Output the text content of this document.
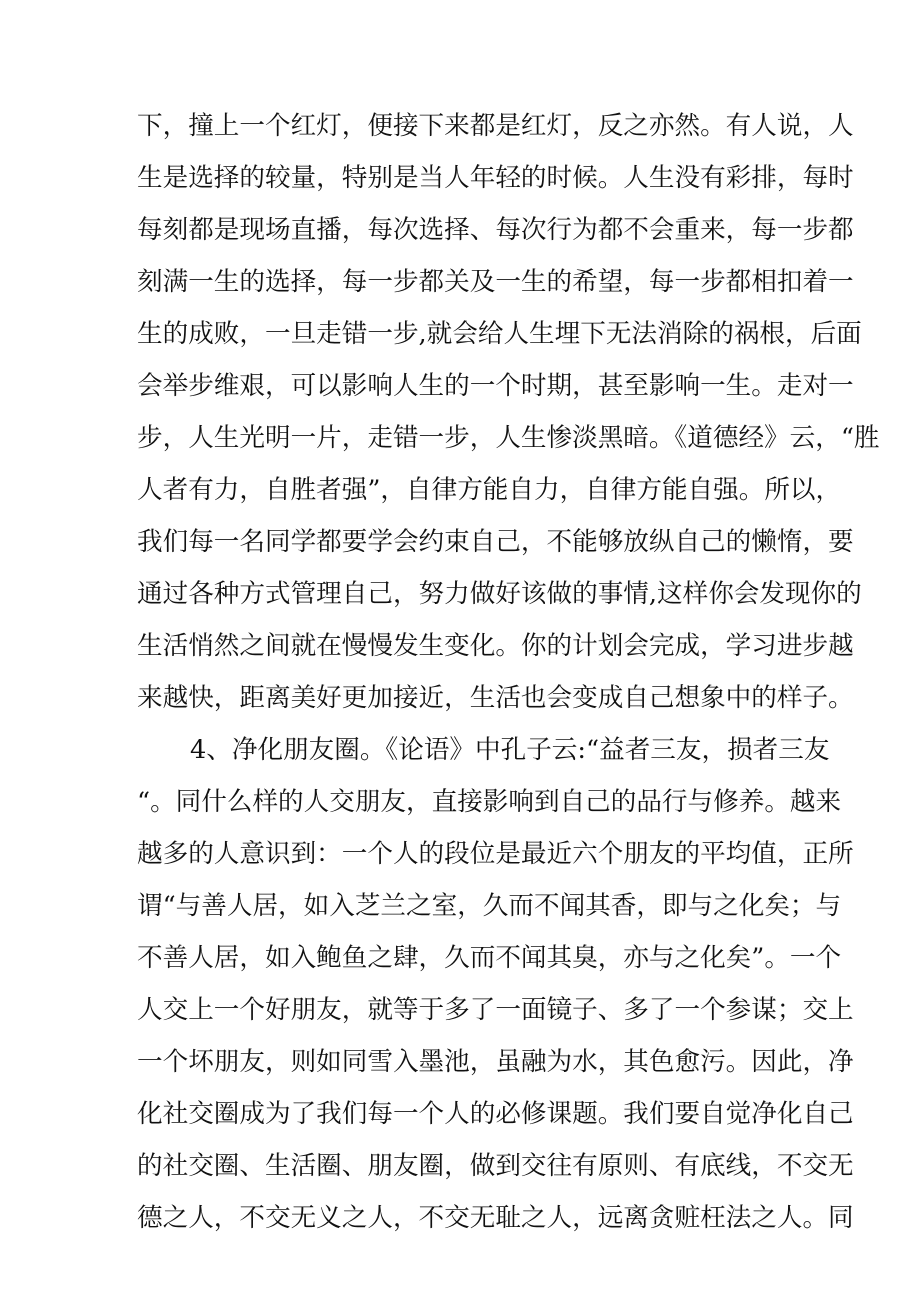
下，撞上一个红灯，便接下来都是红灯，反之亦然。有人说，人
生是选择的较量，特别是当人年轻的时候。人生没有彩排，每时
每刻都是现场直播，每次选择、每次行为都不会重来，每一步都
刻满一生的选择，每一步都关及一生的希望，每一步都相扣着一
生的成败，一旦走错一步,就会给人生埋下无法消除的祸根，后面
会举步维艰，可以影响人生的一个时期，甚至影响一生。走对一
步，人生光明一片，走错一步，人生惨淡黑暗。《道德经》云，“胜
人者有力，自胜者强”，自律方能自力，自律方能自强。所以，
我们每一名同学都要学会约束自己，不能够放纵自己的懒惰，要
通过各种方式管理自己，努力做好该做的事情,这样你会发现你的
生活悄然之间就在慢慢发生变化。你的计划会完成，学习进步越
来越快，距离美好更加接近，生活也会变成自己想象中的样子。
4、净化朋友圈。《论语》中孔子云:“益者三友，损者三友
“。同什么样的人交朋友，直接影响到自己的品行与修养。越来
越多的人意识到：一个人的段位是最近六个朋友的平均值，正所
谓“与善人居，如入芝兰之室，久而不闻其香，即与之化矣；与
不善人居，如入鲍鱼之肆，久而不闻其臭，亦与之化矣”。一个
人交上一个好朋友，就等于多了一面镜子、多了一个参谋；交上
一个坏朋友，则如同雪入墨池，虽融为水，其色愈污。因此，净
化社交圈成为了我们每一个人的必修课题。我们要自觉净化自己
的社交圈、生活圈、朋友圈，做到交往有原则、有底线，不交无
德之人，不交无义之人，不交无耻之人，远离贪赃枉法之人。同
